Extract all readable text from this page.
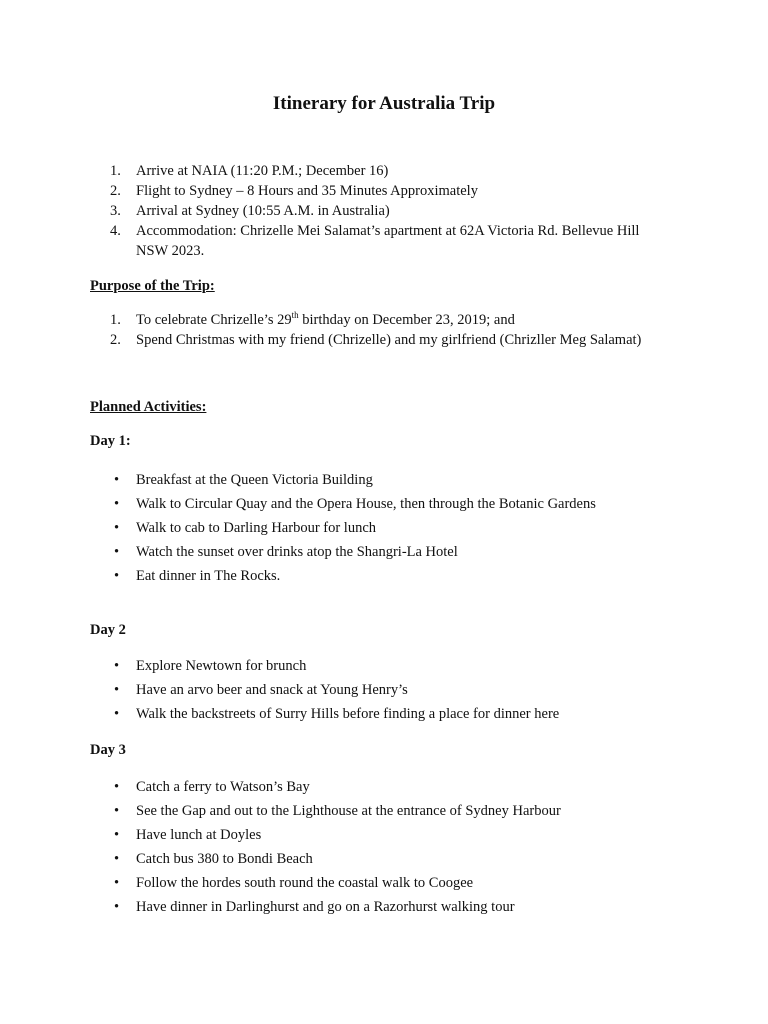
Itinerary for Australia Trip
1. Arrive at NAIA (11:20 P.M.; December 16)
2. Flight to Sydney – 8 Hours and 35 Minutes Approximately
3. Arrival at Sydney (10:55 A.M. in Australia)
4. Accommodation: Chrizelle Mei Salamat’s apartment at 62A Victoria Rd. Bellevue Hill
NSW 2023.
Purpose of the Trip:
1. To celebrate Chrizelle’s 29th birthday on December 23, 2019; and
2. Spend Christmas with my friend (Chrizelle) and my girlfriend (Chrizller Meg Salamat)
Planned Activities:
Day 1:
• Breakfast at the Queen Victoria Building
• Walk to Circular Quay and the Opera House, then through the Botanic Gardens
• Walk to cab to Darling Harbour for lunch
• Watch the sunset over drinks atop the Shangri-La Hotel
• Eat dinner in The Rocks.
Day 2
• Explore Newtown for brunch
• Have an arvo beer and snack at Young Henry’s
• Walk the backstreets of Surry Hills before finding a place for dinner here
Day 3
• Catch a ferry to Watson’s Bay
• See the Gap and out to the Lighthouse at the entrance of Sydney Harbour
• Have lunch at Doyles
• Catch bus 380 to Bondi Beach
• Follow the hordes south round the coastal walk to Coogee
• Have dinner in Darlinghurst and go on a Razorhurst walking tour
